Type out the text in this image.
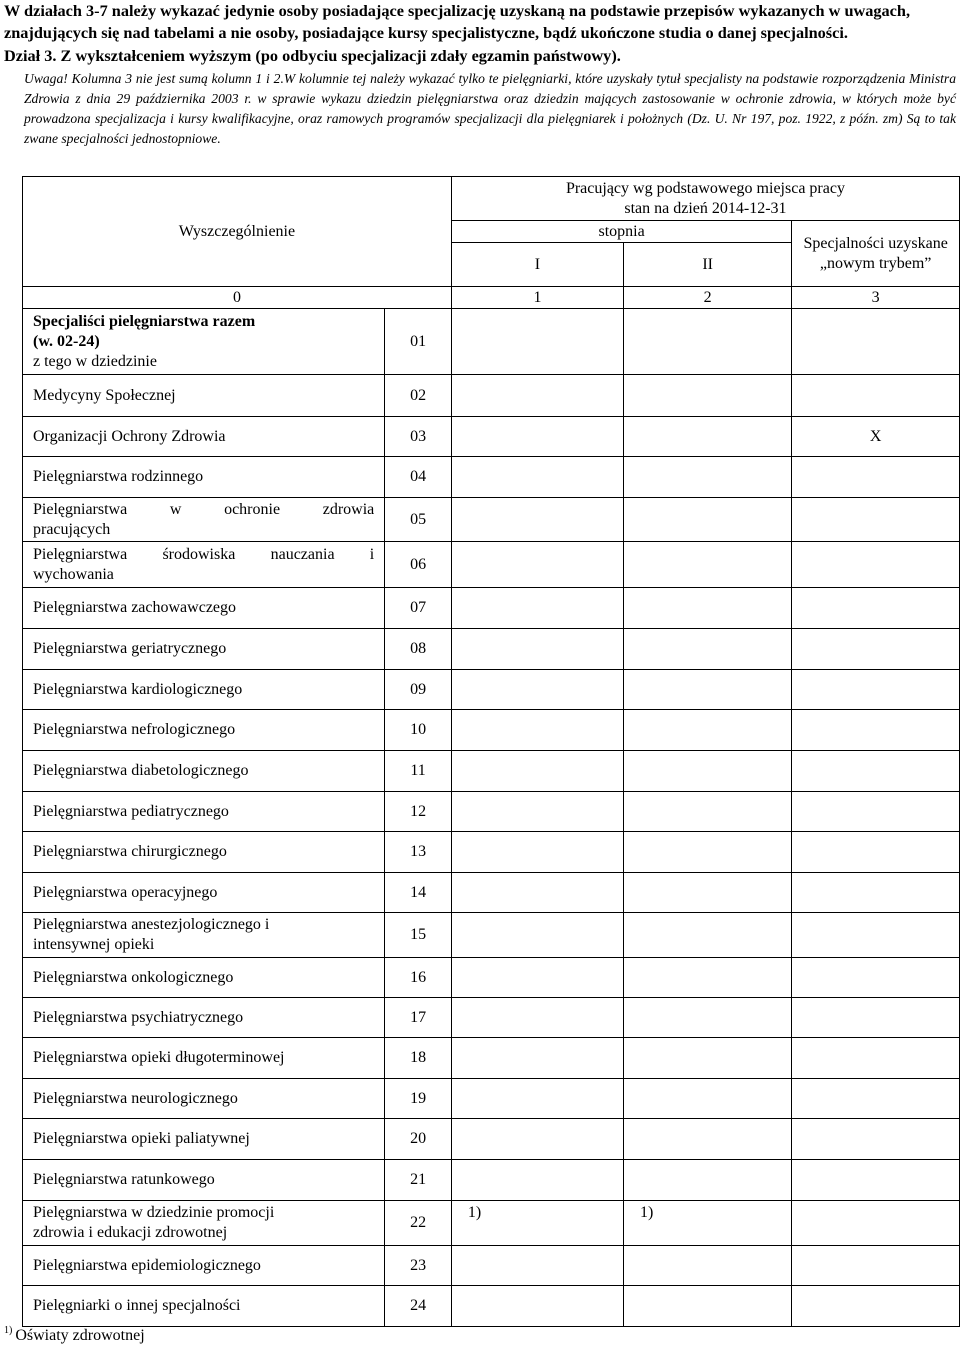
W działach 3-7 należy wykazać jedynie osoby posiadające specjalizację uzyskaną na podstawie przepisów wykazanych w uwagach, znajdujących się nad tabelami a nie osoby, posiadające kursy specjalistyczne, bądź ukończone studia o danej specjalności.

Dział 3. Z wykształceniem wyższym (po odbyciu specjalizacji zdały egzamin państwowy).

Uwaga! Kolumna 3 nie jest sumą kolumn 1 i 2.W kolumnie tej należy wykazać tylko te pielęgniarki, które uzyskały tytuł specjalisty na podstawie rozporządzenia Ministra Zdrowia z dnia 29 października 2003 r. w sprawie wykazu dziedzin pielęgniarstwa oraz dziedzin mających zastosowanie w ochronie zdrowia, w których może być prowadzona specjalizacja i kursy kwalifikacyjne, oraz ramowych programów specjalizacji dla pielęgniarek i położnych (Dz. U. Nr 197, poz. 1922, z późn. zm) Są to tak zwane specjalności jednostopniowe.

Wyszczególnienie		Pracujący wg podstawowego miejsca pracy
stan na dzień 2014-12-31		

		stopnia		Specjalności uzyskane „nowym trybem”
		I	II	
0		1	2	3

Specjaliści pielęgniarstwa razem
(w. 02-24)
z tego w dziedzinie	01			
Medycyny Społecznej	02			
Organizacji Ochrony Zdrowia	03			X
Pielęgniarstwa rodzinnego	04			

Pielęgniarstwa w ochronie zdrowia
pracujących	05			

Pielęgniarstwa środowiska nauczania i
wychowania	06			
Pielęgniarstwa zachowawczego	07			
Pielęgniarstwa geriatrycznego	08			
Pielęgniarstwa kardiologicznego	09			
Pielęgniarstwa nefrologicznego	10			
Pielęgniarstwa diabetologicznego	11			
Pielęgniarstwa pediatrycznego	12			
Pielęgniarstwa chirurgicznego	13			
Pielęgniarstwa operacyjnego	14			

Pielęgniarstwa anestezjologicznego i
intensywnej opieki	15			
Pielęgniarstwa onkologicznego	16			
Pielęgniarstwa psychiatrycznego	17			
Pielęgniarstwa opieki długoterminowej	18			
Pielęgniarstwa neurologicznego	19			
Pielęgniarstwa opieki paliatywnej	20			
Pielęgniarstwa ratunkowego	21			

Pielęgniarstwa w dziedzinie promocji
zdrowia i edukacji zdrowotnej	22	1)	1)	
Pielęgniarstwa epidemiologicznego	23			
Pielęgniarki o innej specjalności	24			
$^{1)}$ Oświaty zdrowotnej
